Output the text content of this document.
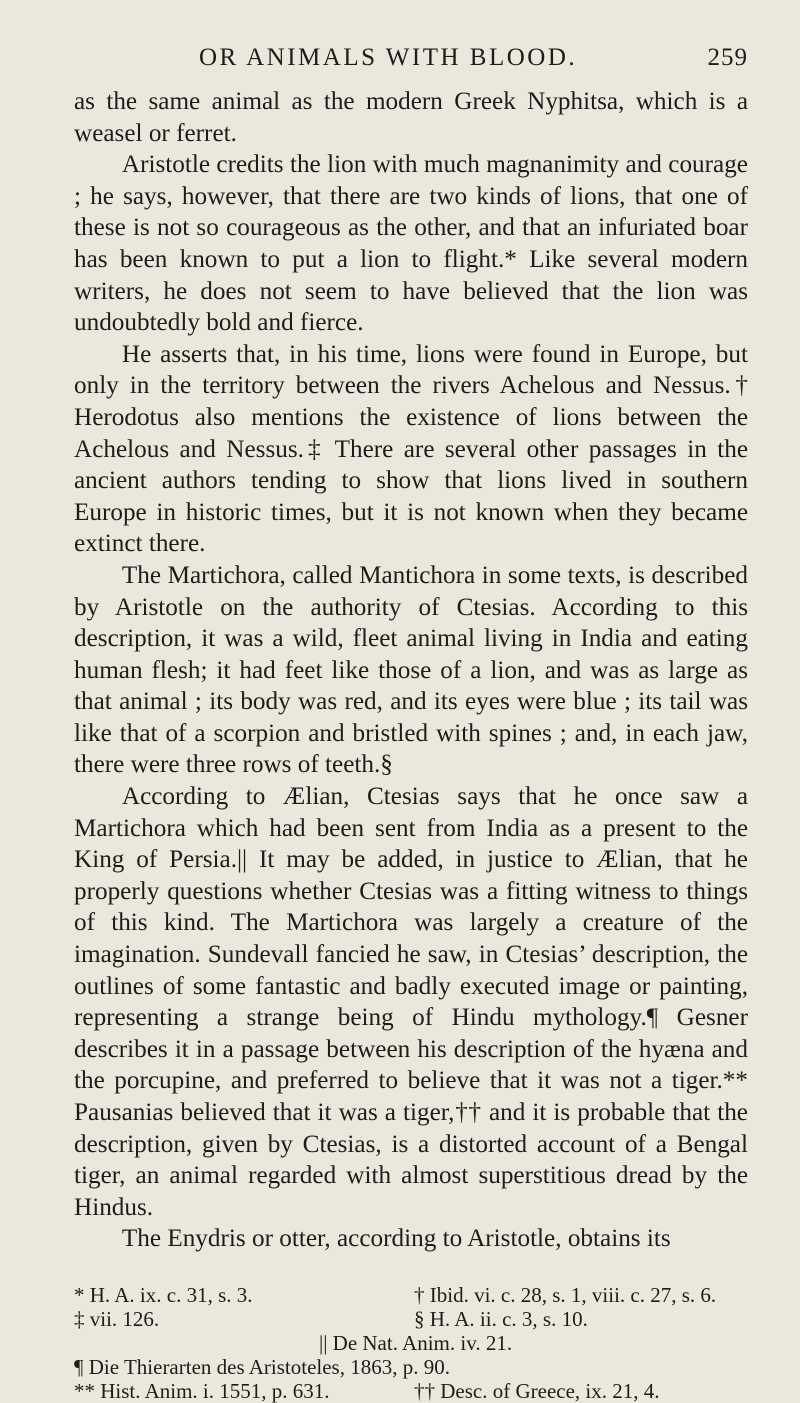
OR ANIMALS WITH BLOOD.	259

as the same animal as the modern Greek Nyphitsa, which is a weasel or ferret.

Aristotle credits the lion with much magnanimity and courage ; he says, however, that there are two kinds of lions, that one of these is not so courageous as the other, and that an infuriated boar has been known to put a lion to flight.* Like several modern writers, he does not seem to have believed that the lion was undoubtedly bold and fierce.

He asserts that, in his time, lions were found in Europe, but only in the territory between the rivers Achelous and Nessus.† Herodotus also mentions the existence of lions between the Achelous and Nessus.‡ There are several other passages in the ancient authors tending to show that lions lived in southern Europe in historic times, but it is not known when they became extinct there.

The Martichora, called Mantichora in some texts, is described by Aristotle on the authority of Ctesias. According to this description, it was a wild, fleet animal living in India and eating human flesh; it had feet like those of a lion, and was as large as that animal ; its body was red, and its eyes were blue ; its tail was like that of a scorpion and bristled with spines ; and, in each jaw, there were three rows of teeth.§

According to Ælian, Ctesias says that he once saw a Martichora which had been sent from India as a present to the King of Persia.|| It may be added, in justice to Ælian, that he properly questions whether Ctesias was a fitting witness to things of this kind. The Martichora was largely a creature of the imagination. Sundevall fancied he saw, in Ctesias’ description, the outlines of some fantastic and badly executed image or painting, representing a strange being of Hindu mythology.¶ Gesner describes it in a passage between his description of the hyæna and the porcupine, and preferred to believe that it was not a tiger.** Pausanias believed that it was a tiger,†† and it is probable that the description, given by Ctesias, is a distorted account of a Bengal tiger, an animal regarded with almost superstitious dread by the Hindus.

The Enydris or otter, according to Aristotle, obtains its

* H. A. ix. c. 31, s. 3.	† Ibid. vi. c. 28, s. 1, viii. c. 27, s. 6.
‡ vii. 126.	§ H. A. ii. c. 3, s. 10.
|| De Nat. Anim. iv. 21.
¶ Die Thierarten des Aristoteles, 1863, p. 90.
** Hist. Anim. i. 1551, p. 631.	†† Desc. of Greece, ix. 21, 4.
